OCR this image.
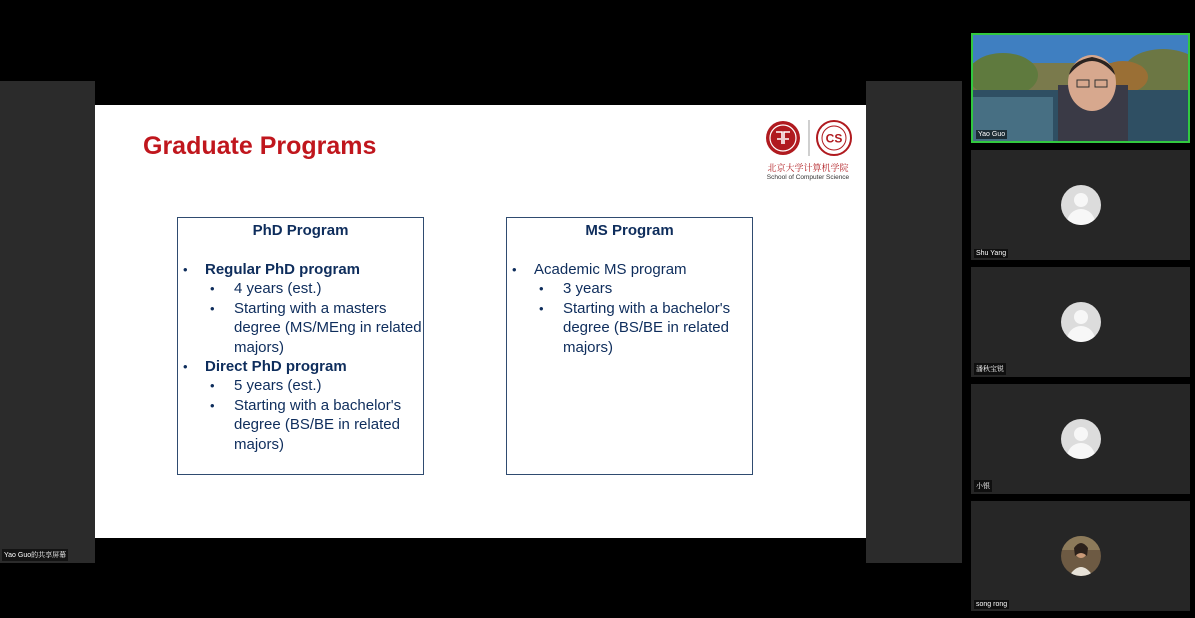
Yao Guo的共享屏幕
Graduate Programs	CS
北京大学计算机学院
School of Computer Science
PhD Program
• Regular PhD program
• 4 years (est.)
• Starting with a masters degree (MS/MEng in related majors)
• Direct PhD program
• 5 years (est.)
• Starting with a bachelor's degree (BS/BE in related majors)
MS Program
• Academic MS program
• 3 years
• Starting with a bachelor's degree (BS/BE in related majors)
Yao Guo
Shu Yang
潘秋宝锐
小银
song rong
